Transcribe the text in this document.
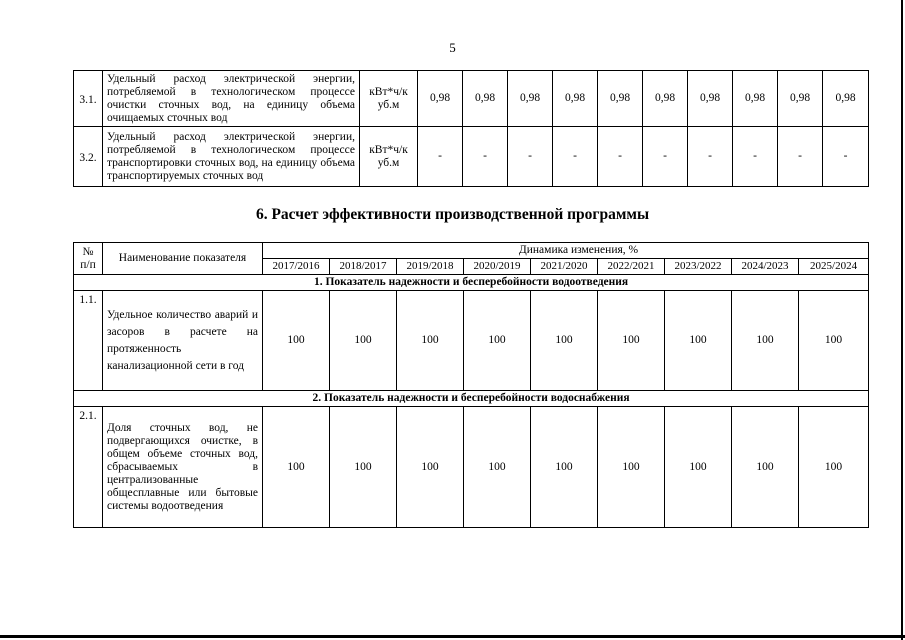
5
3.1.	Удельный расход электрической энергии, потребляемой в технологическом процессе очистки сточных вод, на единицу объема очищаемых сточных вод	кВт*ч/к уб.м	0,98	0,98	0,98	0,98	0,98	0,98	0,98	0,98	0,98	0,98
3.2.	Удельный расход электрической энергии, потребляемой в технологическом процессе транспортировки сточных вод, на единицу объема транспортируемых сточных вод	кВт*ч/к уб.м	-	-	-	-	-	-	-	-	-	-
6. Расчет эффективности производственной программы
№ п/п	Наименование показателя	Динамика изменения, %								
		2017/2016	2018/2017	2019/2018	2020/2019	2021/2020	2022/2021	2023/2022	2024/2023	2025/2024
1. Показатель надежности и бесперебойности водоотведения										
1.1.	Удельное количество аварий и засоров в расчете на протяженность канализационной сети в год	100	100	100	100	100	100	100	100	100
2. Показатель надежности и бесперебойности водоснабжения										
2.1.	Доля сточных вод, не подвергающихся очистке, в общем объеме сточных вод, сбрасываемых в централизованные общесплавные или бытовые системы водоотведения	100	100	100	100	100	100	100	100	100
